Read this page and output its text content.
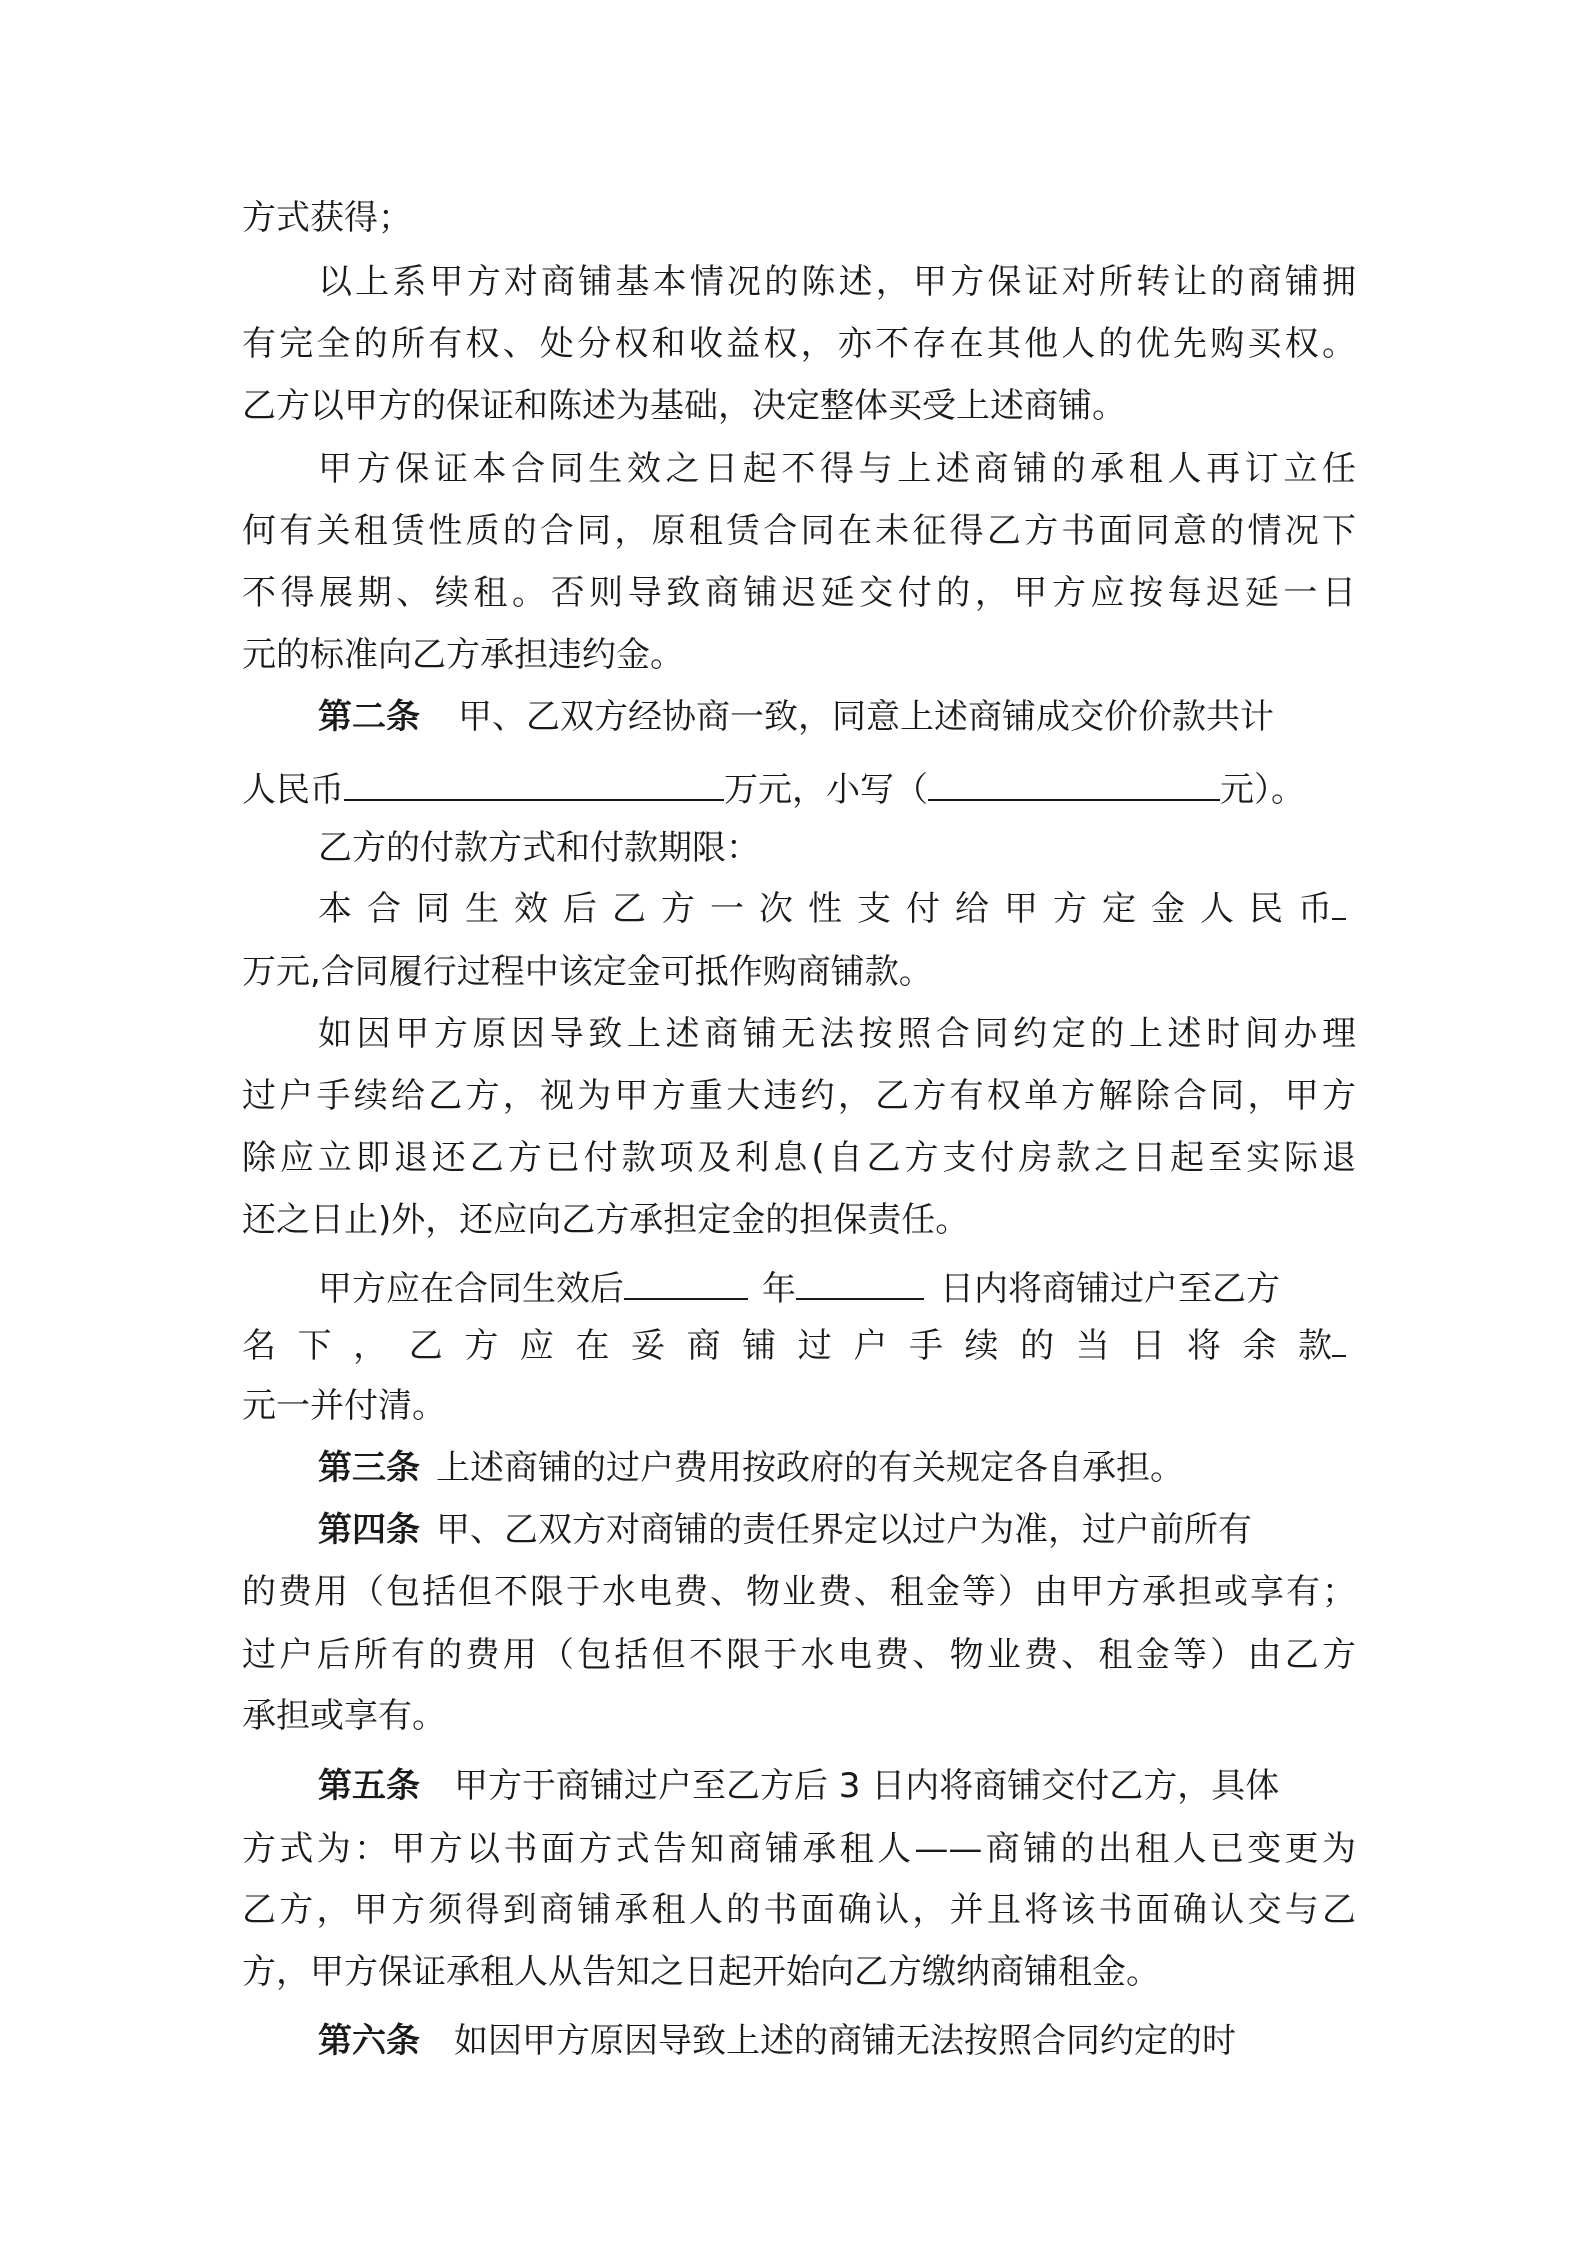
方式获得；

以上系甲方对商铺基本情况的陈述，甲方保证对所转让的商铺拥

有完全的所有权、处分权和收益权，亦不存在其他人的优先购买权。

乙方以甲方的保证和陈述为基础，决定整体买受上述商铺。

甲方保证本合同生效之日起不得与上述商铺的承租人再订立任

何有关租赁性质的合同，原租赁合同在未征得乙方书面同意的情况下

不得展期、续租。否则导致商铺迟延交付的，甲方应按每迟延一日

元的标准向乙方承担违约金。

第二条 甲、乙双方经协商一致，同意上述商铺成交价价款共计

人民币	万元，小写（	元）。

乙方的付款方式和付款期限：

本合同生效后乙方一次性支付给甲方定金人民币

万元,合同履行过程中该定金可抵作购商铺款。

如因甲方原因导致上述商铺无法按照合同约定的上述时间办理

过户手续给乙方，视为甲方重大违约，乙方有权单方解除合同，甲方

除应立即退还乙方已付款项及利息(自乙方支付房款之日起至实际退

还之日止)外，还应向乙方承担定金的担保责任。

甲方应在合同生效后	年	日内将商铺过户至乙方

名下，乙方应在妥商铺过户手续的当日将余款

元一并付清。

第三条 上述商铺的过户费用按政府的有关规定各自承担。

第四条 甲、乙双方对商铺的责任界定以过户为准，过户前所有

的费用（包括但不限于水电费、物业费、租金等）由甲方承担或享有；

过户后所有的费用（包括但不限于水电费、物业费、租金等）由乙方

承担或享有。

第五条 甲方于商铺过户至乙方后 3 日内将商铺交付乙方，具体

方式为：甲方以书面方式告知商铺承租人——商铺的出租人已变更为

乙方，甲方须得到商铺承租人的书面确认，并且将该书面确认交与乙

方，甲方保证承租人从告知之日起开始向乙方缴纳商铺租金。

第六条 如因甲方原因导致上述的商铺无法按照合同约定的时
